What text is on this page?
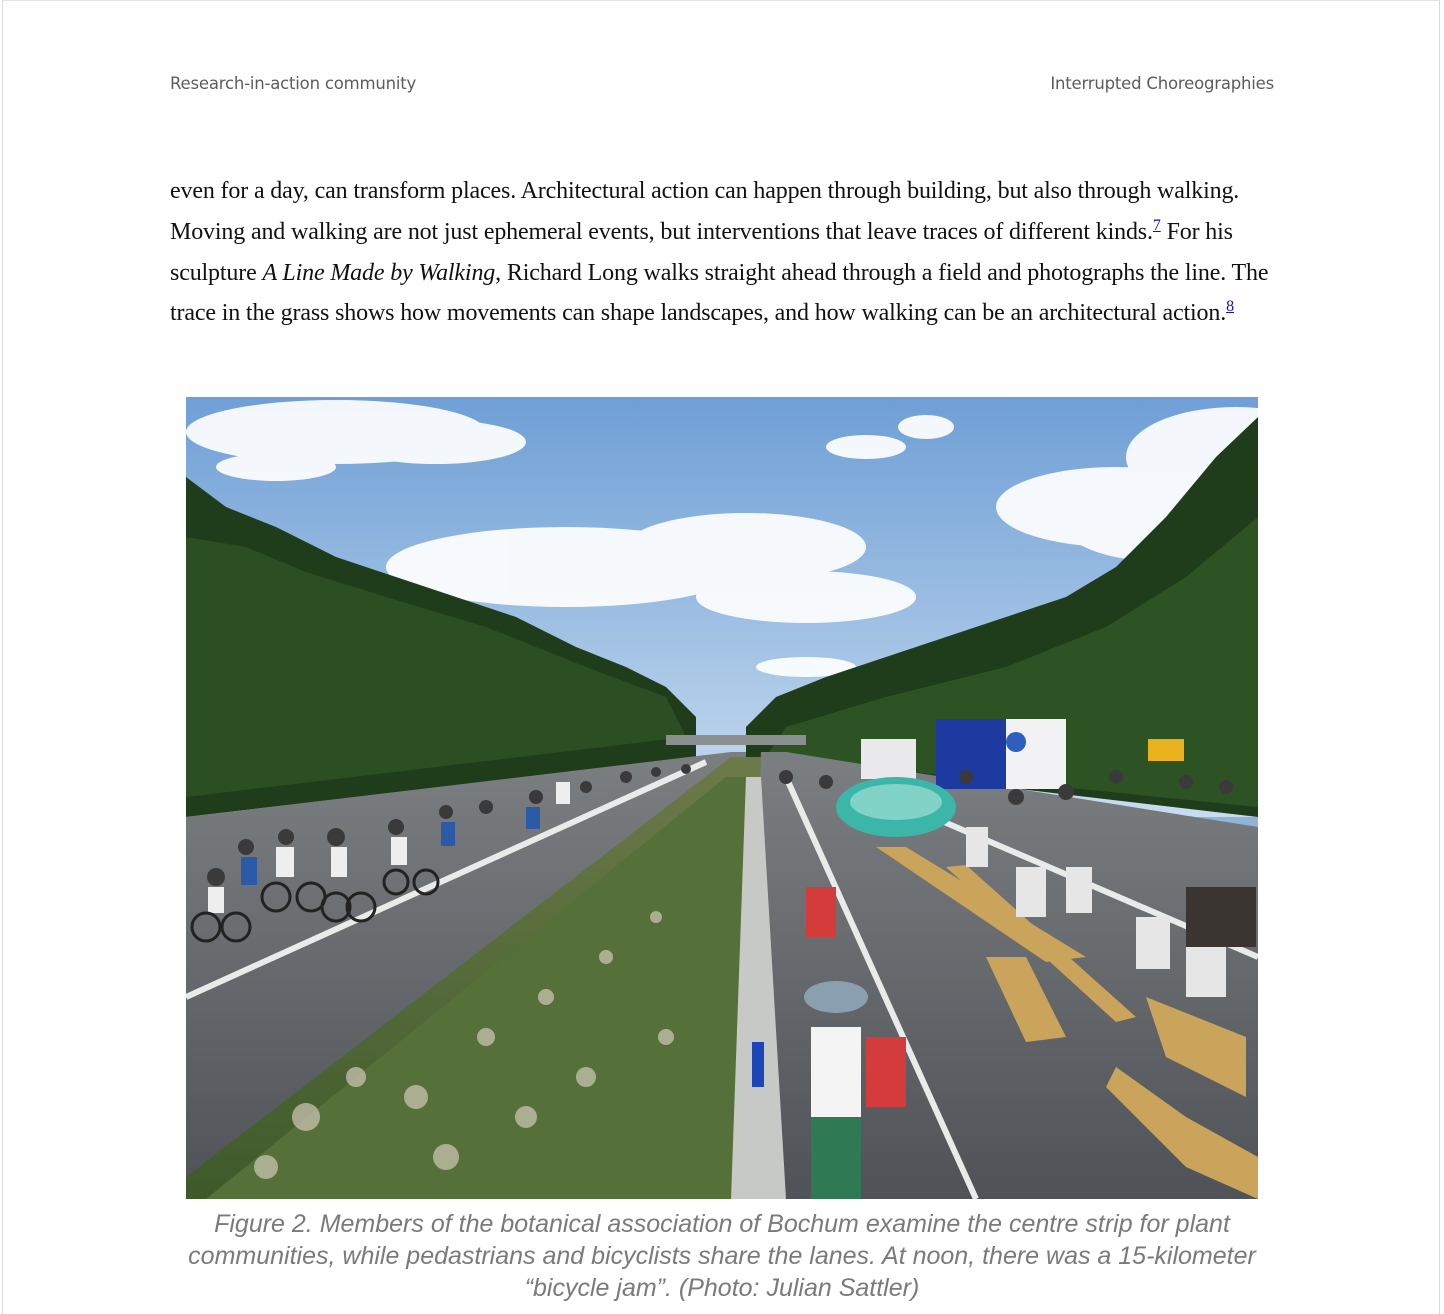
Research-in-action community	Interrupted Choreographies

even for a day, can transform places. Architectural action can happen through building, but also through walking. Moving and walking are not just ephemeral events, but interventions that leave traces of different kinds.$^7$ For his sculpture A Line Made by Walking, Richard Long walks straight ahead through a field and photographs the line. The trace in the grass shows how movements can shape landscapes, and how walking can be an architectural action.$^8$

Figure 2. Members of the botanical association of Bochum examine the centre strip for plant communities, while pedastrians and bicyclists share the lanes. At noon, there was a 15-kilometer “bicycle jam”. (Photo: Julian Sattler)
